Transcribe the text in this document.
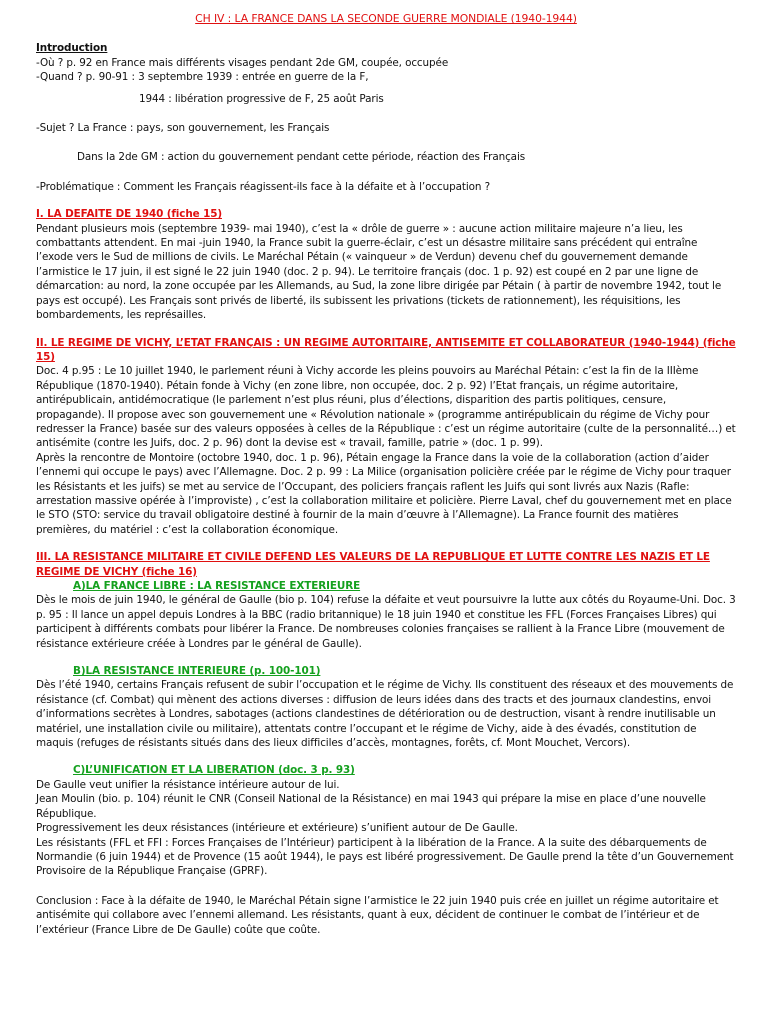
CH IV : LA FRANCE DANS LA SECONDE GUERRE MONDIALE (1940-1944)

Introduction

-Où ? p. 92 en France mais différents visages pendant 2de GM, coupée, occupée

-Quand ? p. 90-91 : 3 septembre 1939 : entrée en guerre de la F,

1944 : libération progressive de F, 25 août Paris

-Sujet ? La France : pays, son gouvernement, les Français

Dans la 2de GM : action du gouvernement pendant cette période, réaction des Français

-Problématique : Comment les Français réagissent-ils face à la défaite et à l’occupation ?

I. LA DEFAITE DE 1940 (fiche 15)

Pendant plusieurs mois (septembre 1939- mai 1940), c’est la « drôle de guerre » : aucune action militaire majeure n’a lieu, les combattants attendent. En mai -juin 1940, la France subit la guerre-éclair, c’est un désastre militaire sans précédent qui entraîne l’exode vers le Sud de millions de civils. Le Maréchal Pétain (« vainqueur » de Verdun) devenu chef du gouvernement demande l’armistice le 17 juin, il est signé le 22 juin 1940 (doc. 2 p. 94). Le territoire français (doc. 1 p. 92) est coupé en 2 par une ligne de démarcation: au nord, la zone occupée par les Allemands, au Sud, la zone libre dirigée par Pétain ( à partir de novembre 1942, tout le pays est occupé). Les Français sont privés de liberté, ils subissent les privations (tickets de rationnement), les réquisitions, les bombardements, les représailles.

II. LE REGIME DE VICHY, L’ETAT FRANÇAIS : UN REGIME AUTORITAIRE, ANTISEMITE ET COLLABORATEUR (1940-1944) (fiche 15)

Doc. 4 p.95 : Le 10 juillet 1940, le parlement réuni à Vichy accorde les pleins pouvoirs au Maréchal Pétain: c’est la fin de la IIIème République (1870-1940). Pétain fonde à Vichy (en zone libre, non occupée, doc. 2 p. 92) l’Etat français, un régime autoritaire, antirépublicain, antidémocratique (le parlement n’est plus réuni, plus d’élections, disparition des partis politiques, censure, propagande). Il propose avec son gouvernement une « Révolution nationale » (programme antirépublicain du régime de Vichy pour redresser la France) basée sur des valeurs opposées à celles de la République : c’est un régime autoritaire (culte de la personnalité…) et antisémite (contre les Juifs, doc. 2 p. 96) dont la devise est « travail, famille, patrie » (doc. 1 p. 99).

Après la rencontre de Montoire (octobre 1940, doc. 1 p. 96), Pétain engage la France dans la voie de la collaboration (action d’aider l’ennemi qui occupe le pays) avec l’Allemagne. Doc. 2 p. 99 : La Milice (organisation policière créée par le régime de Vichy pour traquer les Résistants et les juifs) se met au service de l’Occupant, des policiers français raflent les Juifs qui sont livrés aux Nazis (Rafle: arrestation massive opérée à l’improviste) , c’est la collaboration militaire et policière. Pierre Laval, chef du gouvernement met en place le STO (STO: service du travail obligatoire destiné à fournir de la main d’œuvre à l’Allemagne). La France fournit des matières premières, du matériel : c’est la collaboration économique.

III. LA RESISTANCE MILITAIRE ET CIVILE DEFEND LES VALEURS DE LA REPUBLIQUE ET LUTTE CONTRE LES NAZIS ET LE REGIME DE VICHY (fiche 16)

A)LA FRANCE LIBRE : LA RESISTANCE EXTERIEURE

Dès le mois de juin 1940, le général de Gaulle (bio p. 104) refuse la défaite et veut poursuivre la lutte aux côtés du Royaume-Uni. Doc. 3 p. 95 : Il lance un appel depuis Londres à la BBC (radio britannique) le 18 juin 1940 et constitue les FFL (Forces Françaises Libres) qui participent à différents combats pour libérer la France. De nombreuses colonies françaises se rallient à la France Libre (mouvement de résistance extérieure créée à Londres par le général de Gaulle).

B)LA RESISTANCE INTERIEURE (p. 100-101)

Dès l’été 1940, certains Français refusent de subir l’occupation et le régime de Vichy. Ils constituent des réseaux et des mouvements de résistance (cf. Combat) qui mènent des actions diverses : diffusion de leurs idées dans des tracts et des journaux clandestins, envoi d’informations secrètes à Londres, sabotages (actions clandestines de détérioration ou de destruction, visant à rendre inutilisable un matériel, une installation civile ou militaire), attentats contre l’occupant et le régime de Vichy, aide à des évadés, constitution de maquis (refuges de résistants situés dans des lieux difficiles d’accès, montagnes, forêts, cf. Mont Mouchet, Vercors).

C)L’UNIFICATION ET LA LIBERATION (doc. 3 p. 93)

De Gaulle veut unifier la résistance intérieure autour de lui.

Jean Moulin (bio. p. 104) réunit le CNR (Conseil National de la Résistance) en mai 1943 qui prépare la mise en place d’une nouvelle République.

Progressivement les deux résistances (intérieure et extérieure) s’unifient autour de De Gaulle.

Les résistants (FFL et FFI : Forces Françaises de l’Intérieur) participent à la libération de la France. A la suite des débarquements de Normandie (6 juin 1944) et de Provence (15 août 1944), le pays est libéré progressivement. De Gaulle prend la tête d’un Gouvernement Provisoire de la République Française (GPRF).

Conclusion : Face à la défaite de 1940, le Maréchal Pétain signe l’armistice le 22 juin 1940 puis crée en juillet un régime autoritaire et antisémite qui collabore avec l’ennemi allemand. Les résistants, quant à eux, décident de continuer le combat de l’intérieur et de l’extérieur (France Libre de De Gaulle) coûte que coûte.
